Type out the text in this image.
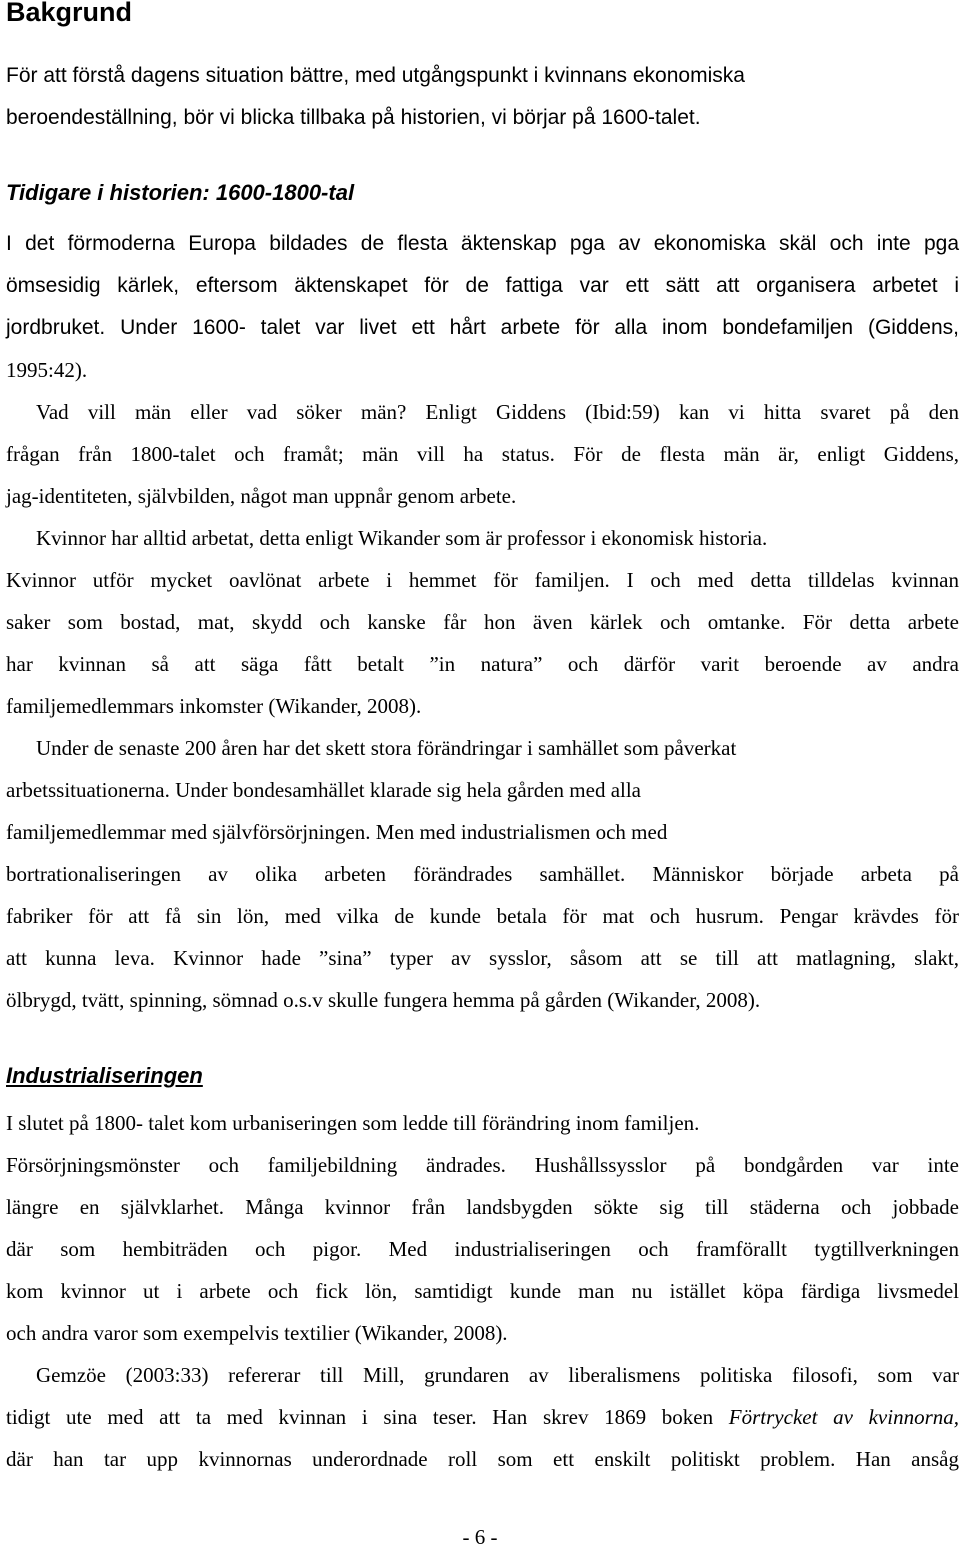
Bakgrund

För att förstå dagens situation bättre, med utgångspunkt i kvinnans ekonomiska

beroendeställning, bör vi blicka tillbaka på historien, vi börjar på 1600-talet.

Tidigare i historien: 1600-1800-tal

I det förmoderna Europa bildades de flesta äktenskap pga av ekonomiska skäl och inte pga

ömsesidig kärlek, eftersom äktenskapet för de fattiga var ett sätt att organisera arbetet i

jordbruket. Under 1600- talet var livet ett hårt arbete för alla inom bondefamiljen (Giddens,

1995:42).

Vad vill män eller vad söker män? Enligt Giddens (Ibid:59) kan vi hitta svaret på den

frågan från 1800-talet och framåt; män vill ha status. För de flesta män är, enligt Giddens,

jag-identiteten, självbilden, något man uppnår genom arbete.

Kvinnor har alltid arbetat, detta enligt Wikander som är professor i ekonomisk historia.

Kvinnor utför mycket oavlönat arbete i hemmet för familjen. I och med detta tilldelas kvinnan

saker som bostad, mat, skydd och kanske får hon även kärlek och omtanke. För detta arbete

har kvinnan så att säga fått betalt ”in natura” och därför varit beroende av andra

familjemedlemmars inkomster (Wikander, 2008).

Under de senaste 200 åren har det skett stora förändringar i samhället som påverkat

arbetssituationerna. Under bondesamhället klarade sig hela gården med alla

familjemedlemmar med självförsörjningen. Men med industrialismen och med

bortrationaliseringen av olika arbeten förändrades samhället. Människor började arbeta på

fabriker för att få sin lön, med vilka de kunde betala för mat och husrum. Pengar krävdes för

att kunna leva. Kvinnor hade ”sina” typer av sysslor, såsom att se till att matlagning, slakt,

ölbrygd, tvätt, spinning, sömnad o.s.v skulle fungera hemma på gården (Wikander, 2008).

Industrialiseringen

I slutet på 1800- talet kom urbaniseringen som ledde till förändring inom familjen.

Försörjningsmönster och familjebildning ändrades. Hushållssysslor på bondgården var inte

längre en självklarhet. Många kvinnor från landsbygden sökte sig till städerna och jobbade

där som hembiträden och pigor. Med industrialiseringen och framförallt tygtillverkningen

kom kvinnor ut i arbete och fick lön, samtidigt kunde man nu istället köpa färdiga livsmedel

och andra varor som exempelvis textilier (Wikander, 2008).

Gemzöe (2003:33) refererar till Mill, grundaren av liberalismens politiska filosofi, som var

tidigt ute med att ta med kvinnan i sina teser. Han skrev 1869 boken Förtrycket av kvinnorna,

där han tar upp kvinnornas underordnade roll som ett enskilt politiskt problem. Han ansåg

- 6 -
